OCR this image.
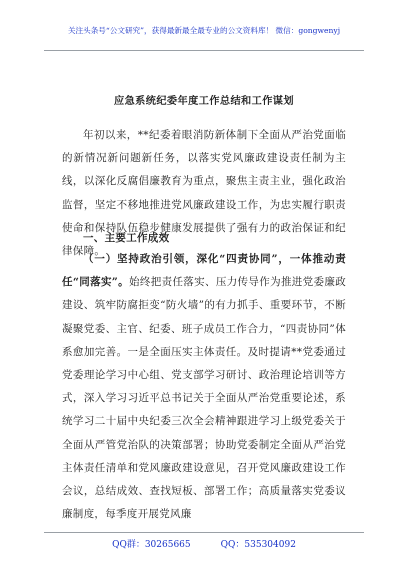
关注头条号“公文研究”，获得最新最全最专业的公文资料库！ 微信：gongwenyj
应急系统纪委年度工作总结和工作谋划

年初以来，**纪委着眼消防新体制下全面从严治党面临的新情况新问题新任务，以落实党风廉政建设责任制为主线，以深化反腐倡廉教育为重点，聚焦主责主业，强化政治监督，坚定不移地推进党风廉政建设工作，为忠实履行职责使命和保持队伍稳步健康发展提供了强有力的政治保证和纪律保障。

一、主要工作成效

（一）坚持政治引领，深化“四责协同”，一体推动责任“同落实”。始终把责任落实、压力传导作为推进党委廉政建设、筑牢防腐拒变“防火墙”的有力抓手、重要环节，不断凝聚党委、主官、纪委、班子成员工作合力，“四责协同”体系愈加完善。一是全面压实主体责任。及时提请**党委通过党委理论学习中心组、党支部学习研讨、政治理论培训等方式，深入学习习近平总书记关于全面从严治党重要论述，系统学习二十届中央纪委三次全会精神跟进学习上级党委关于全面从严管党治队的决策部署；协助党委制定全面从严治党主体责任清单和党风廉政建设意见，召开党风廉政建设工作会议，总结成效、查找短板、部署工作；高质量落实党委议廉制度，每季度开展党风廉

QQ群：30265665	QQ：535304092
